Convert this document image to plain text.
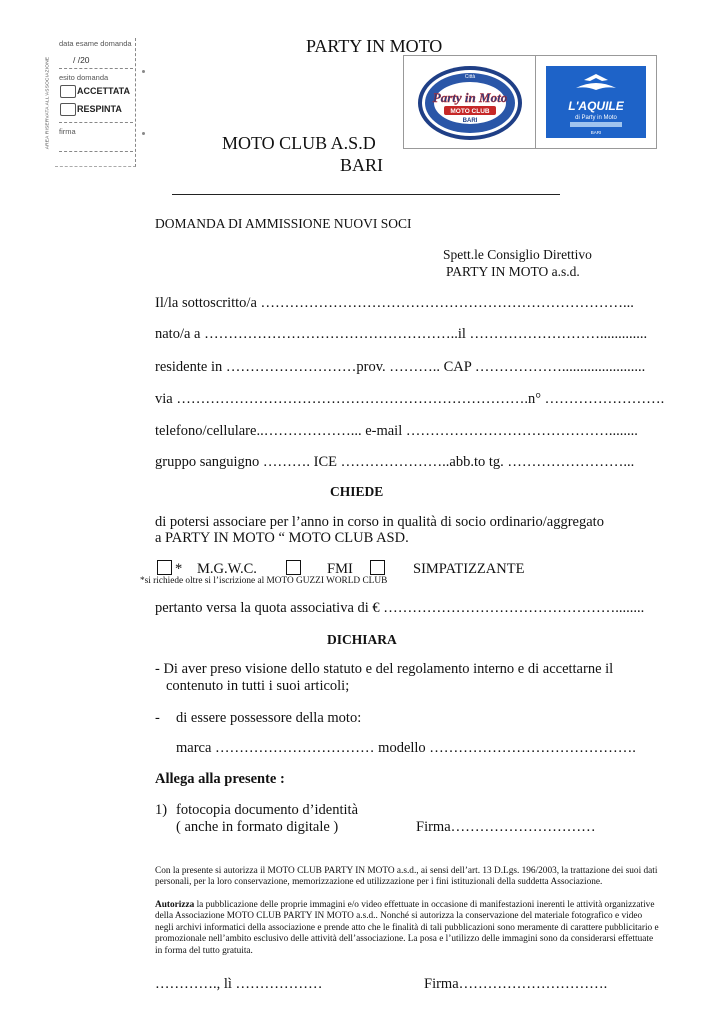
AREA RISERVATA ALL'ASSOCIAZIONE
data esame domanda
/ /20
esito domanda
ACCETTATA
RESPINTA
firma
PARTY IN MOTO
MOTO CLUB A.S.D
BARI
Città
Party in Moto
MOTO CLUB
BARI
L'AQUILE
di Party in Moto
BARI
DOMANDA DI AMMISSIONE NUOVI SOCI
Spett.le Consiglio Direttivo
PARTY IN MOTO a.s.d.
Il/la sottoscritto/a …………………………………………………………………...
nato/a a ……………………………………………..il ……………………….............
residente in ………………………prov. ……….. CAP ……………….......................
via ……………………………………………………………….n° …………………….
telefono/cellulare..………………... e-mail ……………………………………........
gruppo sanguigno ………. ICE …………………..abb.to tg. ……………………...
CHIEDE
di potersi associare per l’anno in corso in qualità di socio ordinario/aggregato
a PARTY IN MOTO “ MOTO CLUB ASD.
* M.G.W.C.	FMI	SIMPATIZZANTE
*si richiede oltre si l’iscrizione al MOTO GUZZI WORLD CLUB
pertanto versa la quota associativa di € …………………………………………........
DICHIARA
- Di aver preso visione dello statuto e del regolamento interno e di accettarne il
contenuto in tutti i suoi articoli;
- di essere possessore della moto:
marca …………………………… modello …………………………………….
Allega alla presente :
1) fotocopia documento d’identità
( anche in formato digitale )	Firma…………………………
Con la presente si autorizza il MOTO CLUB PARTY IN MOTO a.s.d., ai sensi dell’art. 13 D.Lgs. 196/2003, la trattazione dei suoi dati personali, per la loro conservazione, memorizzazione ed utilizzazione per i fini istituzionali della suddetta Associazione.
Autorizza la pubblicazione delle proprie immagini e/o video effettuate in occasione di manifestazioni inerenti le attività organizzative della Associazione MOTO CLUB PARTY IN MOTO a.s.d.. Nonché si autorizza la conservazione del materiale fotografico e video negli archivi informatici della associazione e prende atto che le finalità di tali pubblicazioni sono meramente di carattere pubblicitario e promozionale nell’ambito esclusivo delle attività dell’associazione. La posa e l’utilizzo delle immagini sono da considerarsi effettuate in forma del tutto gratuita.
…………., lì ………………	Firma………………………….
